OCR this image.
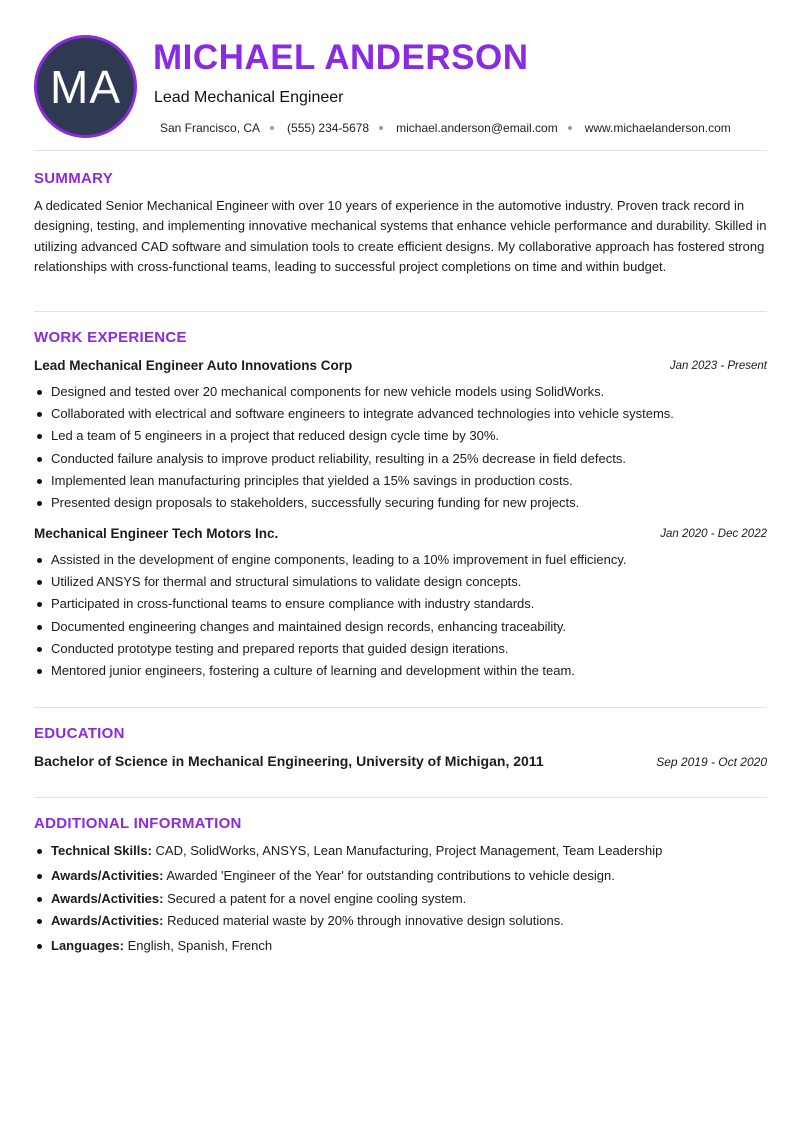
MA
MICHAEL ANDERSON
Lead Mechanical Engineer
San Francisco, CA (555) 234-5678 michael.anderson@email.com www.michaelanderson.com
SUMMARY

A dedicated Senior Mechanical Engineer with over 10 years of experience in the automotive industry. Proven track record in designing, testing, and implementing innovative mechanical systems that enhance vehicle performance and durability. Skilled in utilizing advanced CAD software and simulation tools to create efficient designs. My collaborative approach has fostered strong relationships with cross-functional teams, leading to successful project completions on time and within budget.

WORK EXPERIENCE
Lead Mechanical Engineer Auto Innovations Corp	Jan 2023 - Present
Designed and tested over 20 mechanical components for new vehicle models using SolidWorks.
Collaborated with electrical and software engineers to integrate advanced technologies into vehicle systems.
Led a team of 5 engineers in a project that reduced design cycle time by 30%.
Conducted failure analysis to improve product reliability, resulting in a 25% decrease in field defects.
Implemented lean manufacturing principles that yielded a 15% savings in production costs.
Presented design proposals to stakeholders, successfully securing funding for new projects.
Mechanical Engineer Tech Motors Inc.	Jan 2020 - Dec 2022
Assisted in the development of engine components, leading to a 10% improvement in fuel efficiency.
Utilized ANSYS for thermal and structural simulations to validate design concepts.
Participated in cross-functional teams to ensure compliance with industry standards.
Documented engineering changes and maintained design records, enhancing traceability.
Conducted prototype testing and prepared reports that guided design iterations.
Mentored junior engineers, fostering a culture of learning and development within the team.
EDUCATION
Bachelor of Science in Mechanical Engineering, University of Michigan, 2011	Sep 2019 - Oct 2020
ADDITIONAL INFORMATION
Technical Skills: CAD, SolidWorks, ANSYS, Lean Manufacturing, Project Management, Team Leadership
Awards/Activities: Awarded 'Engineer of the Year' for outstanding contributions to vehicle design.
Awards/Activities: Secured a patent for a novel engine cooling system.
Awards/Activities: Reduced material waste by 20% through innovative design solutions.
Languages: English, Spanish, French
